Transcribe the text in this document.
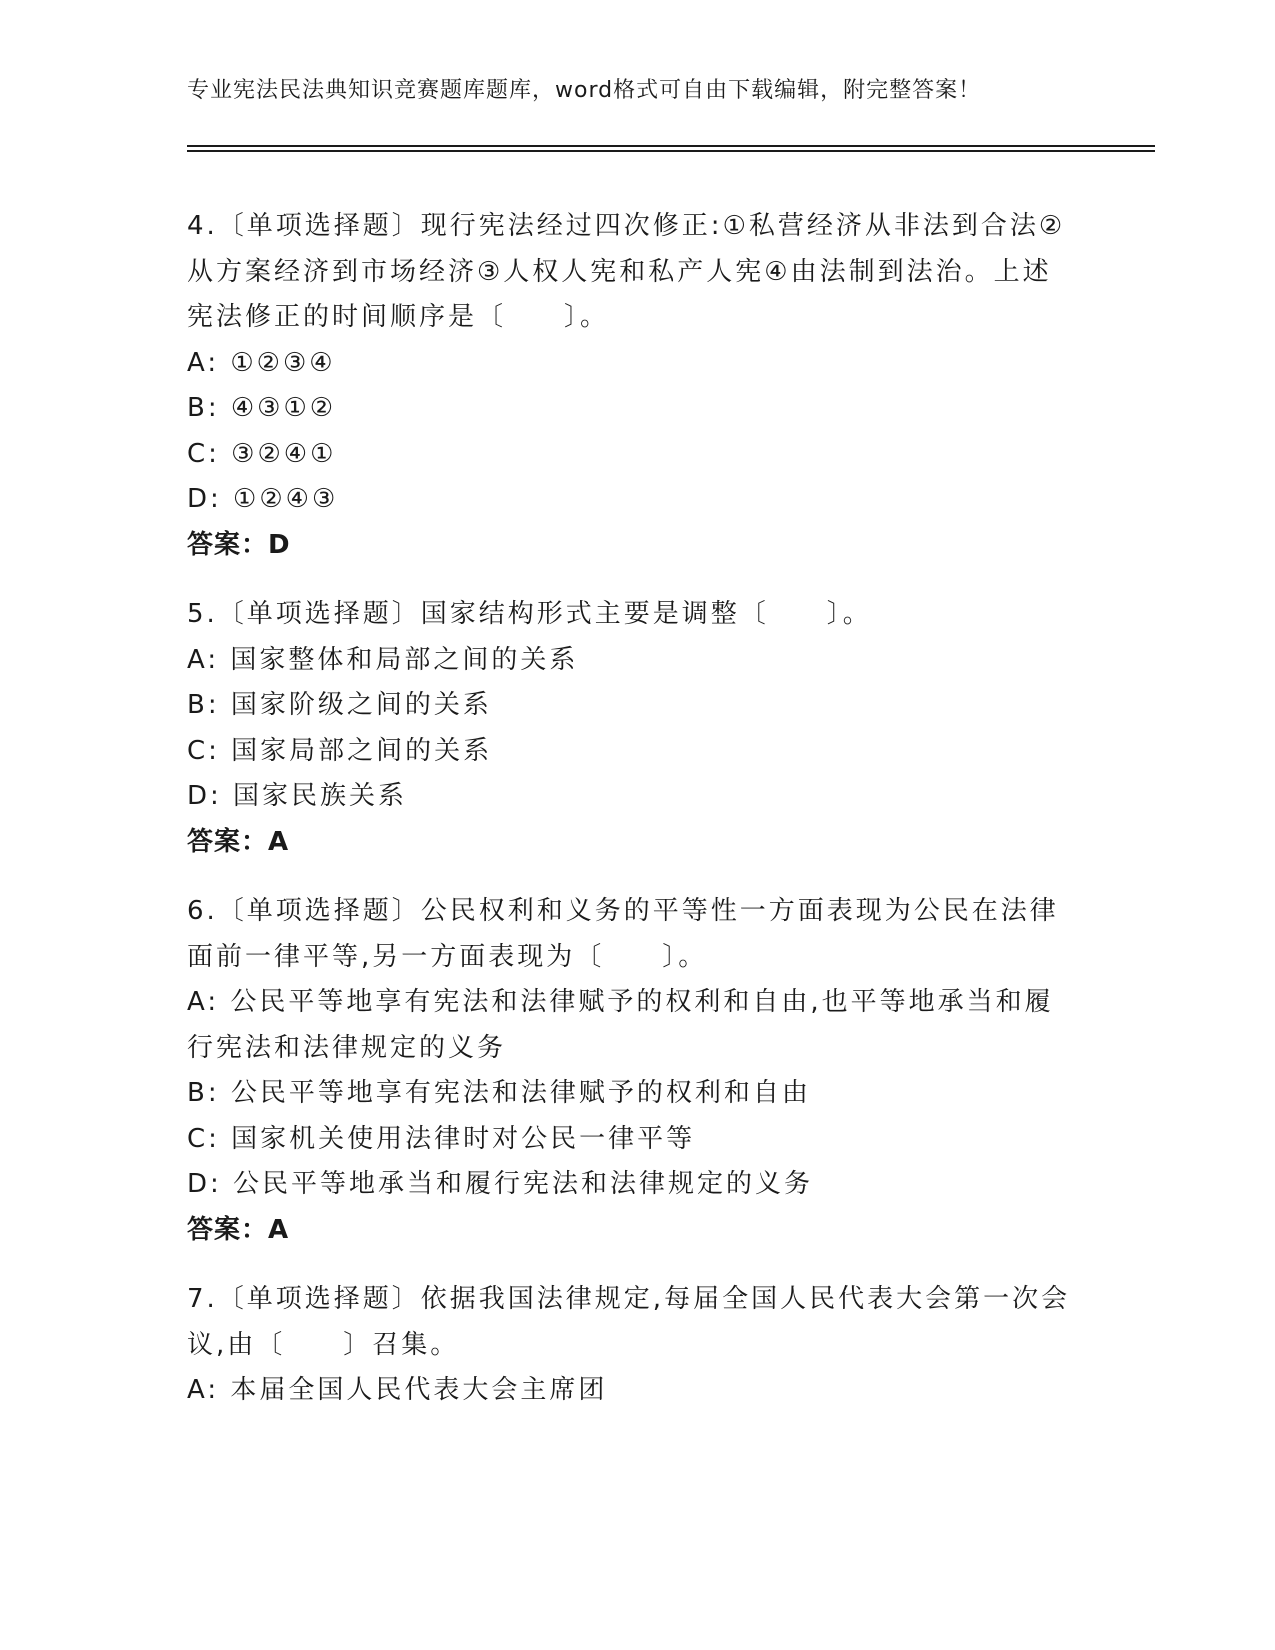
专业宪法民法典知识竞赛题库题库，word格式可自由下载编辑，附完整答案！

4.〔单项选择题〕现行宪法经过四次修正:①私营经济从非法到合法②

从方案经济到市场经济③人权人宪和私产人宪④由法制到法治。上述

宪法修正的时间顺序是〔　　〕。

A: ①②③④

B: ④③①②

C: ③②④①

D: ①②④③

答案：D

5.〔单项选择题〕国家结构形式主要是调整〔　　〕。

A: 国家整体和局部之间的关系

B: 国家阶级之间的关系

C: 国家局部之间的关系

D: 国家民族关系

答案：A

6.〔单项选择题〕公民权利和义务的平等性一方面表现为公民在法律

面前一律平等,另一方面表现为〔　　〕。

A: 公民平等地享有宪法和法律赋予的权利和自由,也平等地承当和履

行宪法和法律规定的义务

B: 公民平等地享有宪法和法律赋予的权利和自由

C: 国家机关使用法律时对公民一律平等

D: 公民平等地承当和履行宪法和法律规定的义务

答案：A

7.〔单项选择题〕依据我国法律规定,每届全国人民代表大会第一次会

议,由〔　　〕召集。

A: 本届全国人民代表大会主席团
